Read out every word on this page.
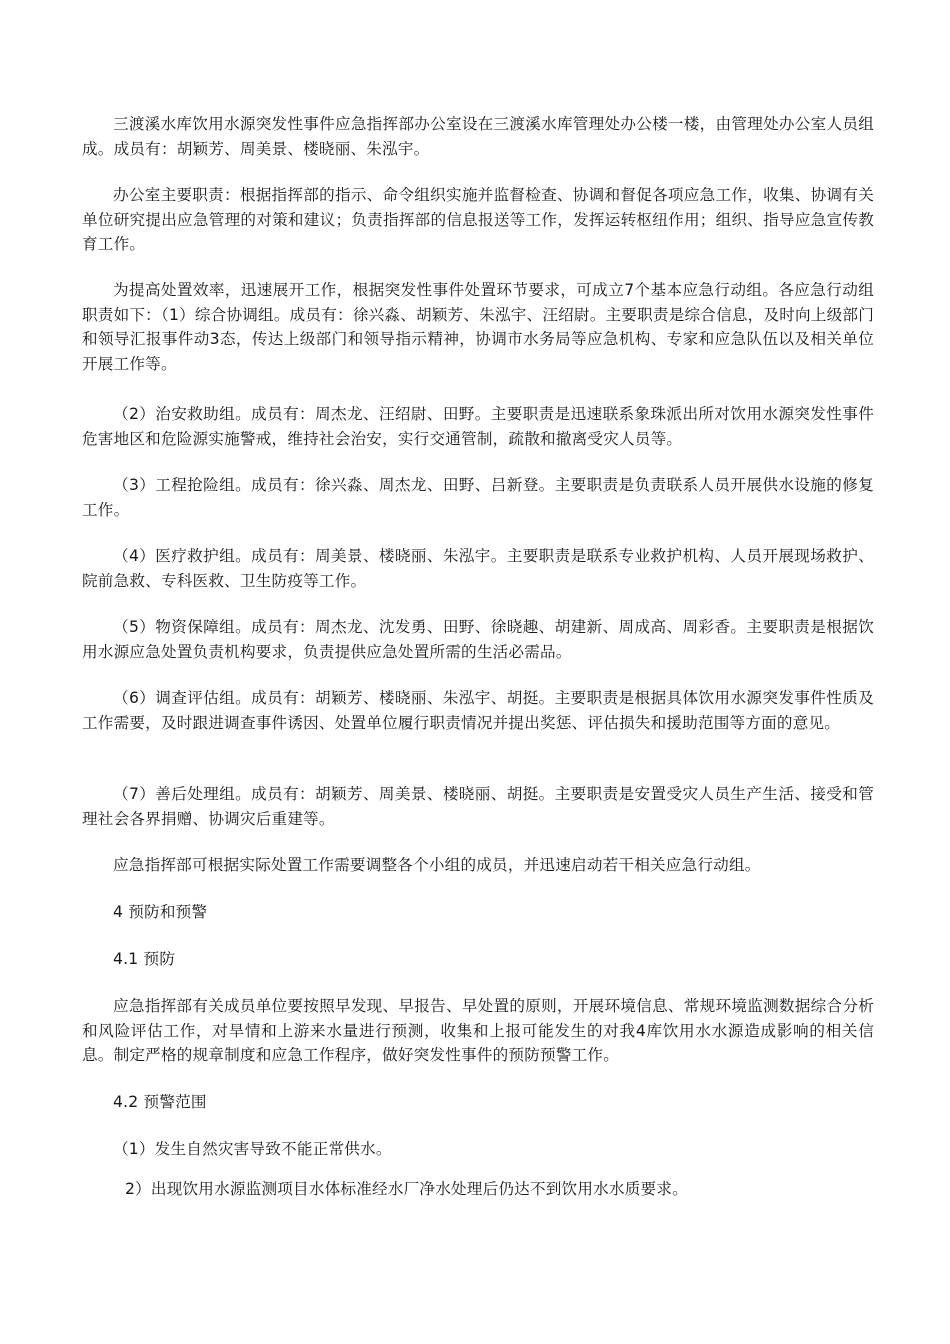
三渡溪水库饮用水源突发性事件应急指挥部办公室设在三渡溪水库管理处办公楼一楼，由管理处办公室人员组成。成员有：胡颖芳、周美景、楼晓丽、朱泓宇。

办公室主要职责：根据指挥部的指示、命令组织实施并监督检查、协调和督促各项应急工作，收集、协调有关单位研究提出应急管理的对策和建议；负责指挥部的信息报送等工作，发挥运转枢纽作用；组织、指导应急宣传教育工作。

为提高处置效率，迅速展开工作，根据突发性事件处置环节要求，可成立7个基本应急行动组。各应急行动组职责如下：（1）综合协调组。成员有：徐兴淼、胡颖芳、朱泓宇、汪绍尉。主要职责是综合信息，及时向上级部门和领导汇报事件动3态，传达上级部门和领导指示精神，协调市水务局等应急机构、专家和应急队伍以及相关单位开展工作等。

（2）治安救助组。成员有：周杰龙、汪绍尉、田野。主要职责是迅速联系象珠派出所对饮用水源突发性事件危害地区和危险源实施警戒，维持社会治安，实行交通管制，疏散和撤离受灾人员等。

（3）工程抢险组。成员有：徐兴淼、周杰龙、田野、吕新登。主要职责是负责联系人员开展供水设施的修复工作。

（4）医疗救护组。成员有：周美景、楼晓丽、朱泓宇。主要职责是联系专业救护机构、人员开展现场救护、院前急救、专科医救、卫生防疫等工作。

（5）物资保障组。成员有：周杰龙、沈发勇、田野、徐晓趣、胡建新、周成高、周彩香。主要职责是根据饮用水源应急处置负责机构要求，负责提供应急处置所需的生活必需品。

（6）调查评估组。成员有：胡颖芳、楼晓丽、朱泓宇、胡挺。主要职责是根据具体饮用水源突发事件性质及工作需要，及时跟进调查事件诱因、处置单位履行职责情况并提出奖惩、评估损失和援助范围等方面的意见。

（7）善后处理组。成员有：胡颖芳、周美景、楼晓丽、胡挺。主要职责是安置受灾人员生产生活、接受和管理社会各界捐赠、协调灾后重建等。

应急指挥部可根据实际处置工作需要调整各个小组的成员，并迅速启动若干相关应急行动组。

4 预防和预警

4.1 预防

应急指挥部有关成员单位要按照早发现、早报告、早处置的原则，开展环境信息、常规环境监测数据综合分析和风险评估工作，对旱情和上游来水量进行预测，收集和上报可能发生的对我4库饮用水水源造成影响的相关信息。制定严格的规章制度和应急工作程序，做好突发性事件的预防预警工作。

4.2 预警范围

（1）发生自然灾害导致不能正常供水。

2）出现饮用水源监测项目水体标准经水厂净水处理后仍达不到饮用水水质要求。
